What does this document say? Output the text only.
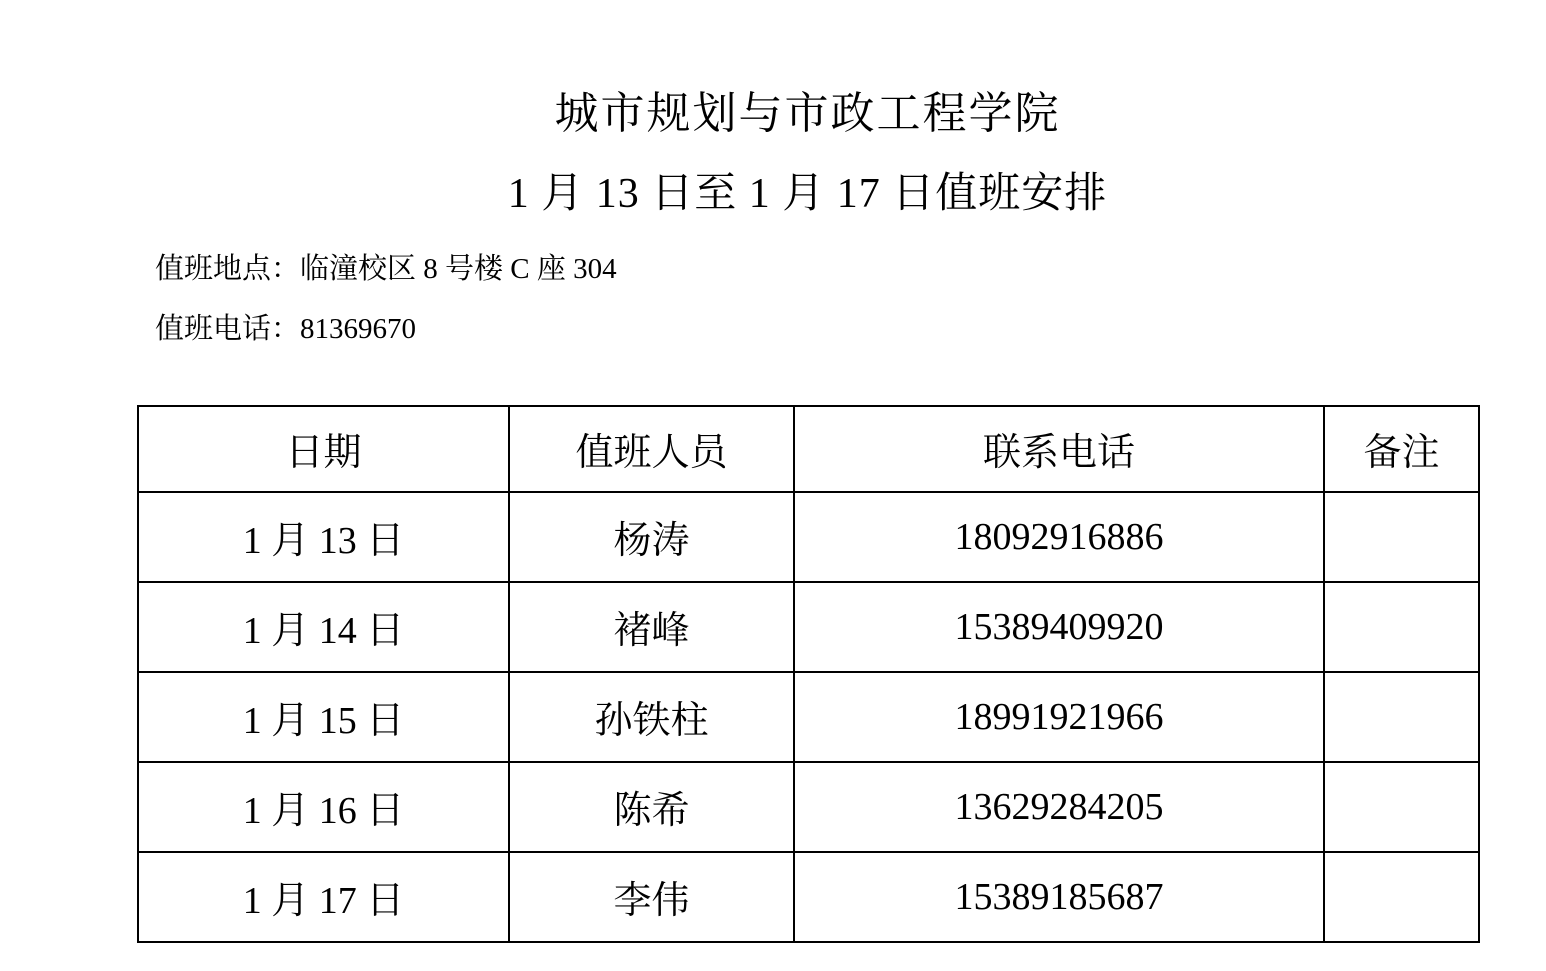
城市规划与市政工程学院
1 月 13 日至 1 月 17 日值班安排
值班地点：临潼校区 8 号楼 C 座 304
值班电话：81369670
日期	值班人员	联系电话	备注
1 月 13 日	杨涛	18092916886	
1 月 14 日	褚峰	15389409920	
1 月 15 日	孙铁柱	18991921966	
1 月 16 日	陈希	13629284205	
1 月 17 日	李伟	15389185687	
